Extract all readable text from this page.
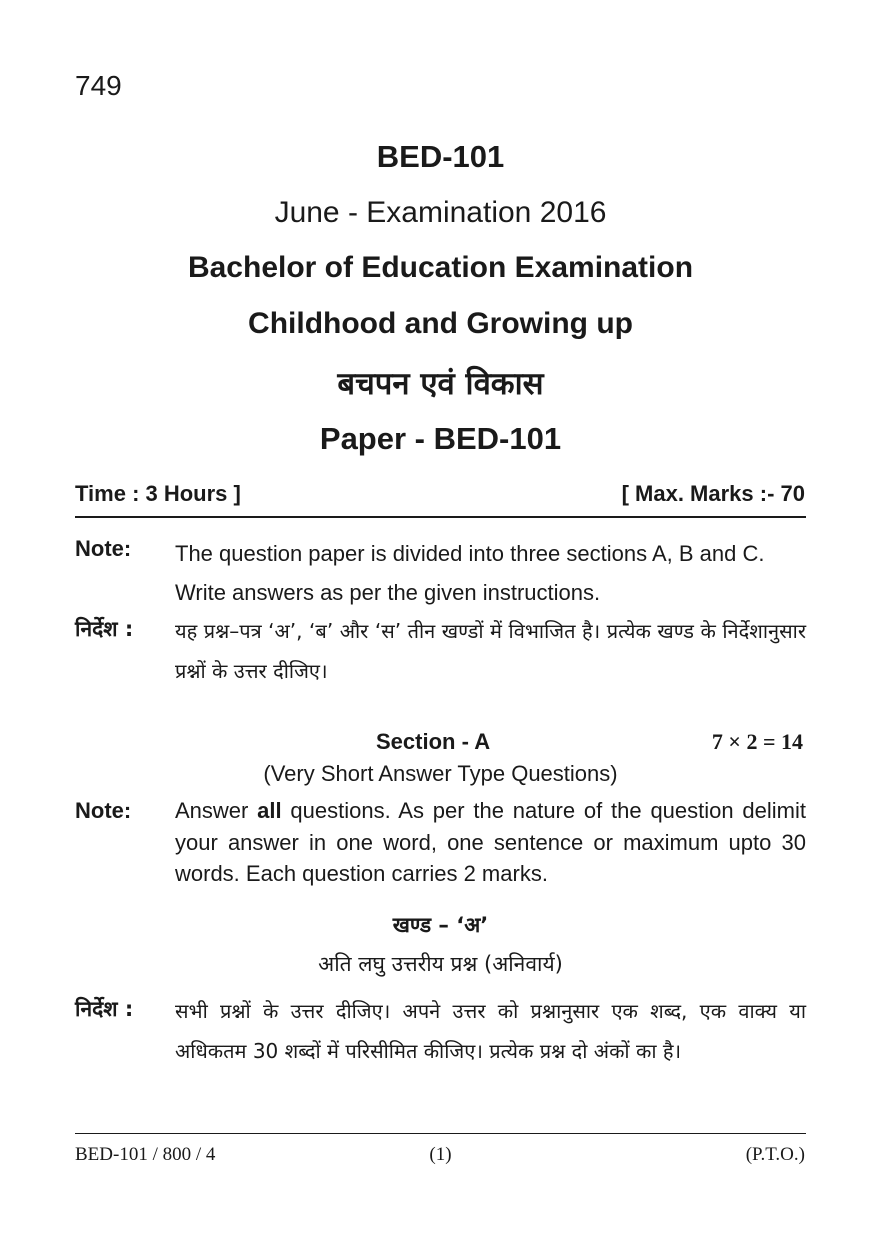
749
BED-101
June - Examination 2016
Bachelor of Education Examination
Childhood and Growing up
बचपन एवं विकास
Paper - BED-101
Time : 3 Hours ]	[ Max. Marks :- 70
Note: The question paper is divided into three sections A, B and C. Write answers as per the given instructions.
निर्देश : यह प्रश्न–पत्र ‘अ’, ‘ब’ और ‘स’ तीन खण्डों में विभाजित है। प्रत्येक खण्ड के निर्देशानुसार प्रश्नों के उत्तर दीजिए।
Section - A	7 × 2 = 14
(Very Short Answer Type Questions)
Note: Answer all questions. As per the nature of the question delimit your answer in one word, one sentence or maximum upto 30 words. Each question carries 2 marks.
खण्ड – ‘अ’
अति लघु उत्तरीय प्रश्न (अनिवार्य)
निर्देश : सभी प्रश्नों के उत्तर दीजिए। अपने उत्तर को प्रश्नानुसार एक शब्द, एक वाक्य या अधिकतम 30 शब्दों में परिसीमित कीजिए। प्रत्येक प्रश्न दो अंकों का है।
BED-101 / 800 / 4	(1)	(P.T.O.)
